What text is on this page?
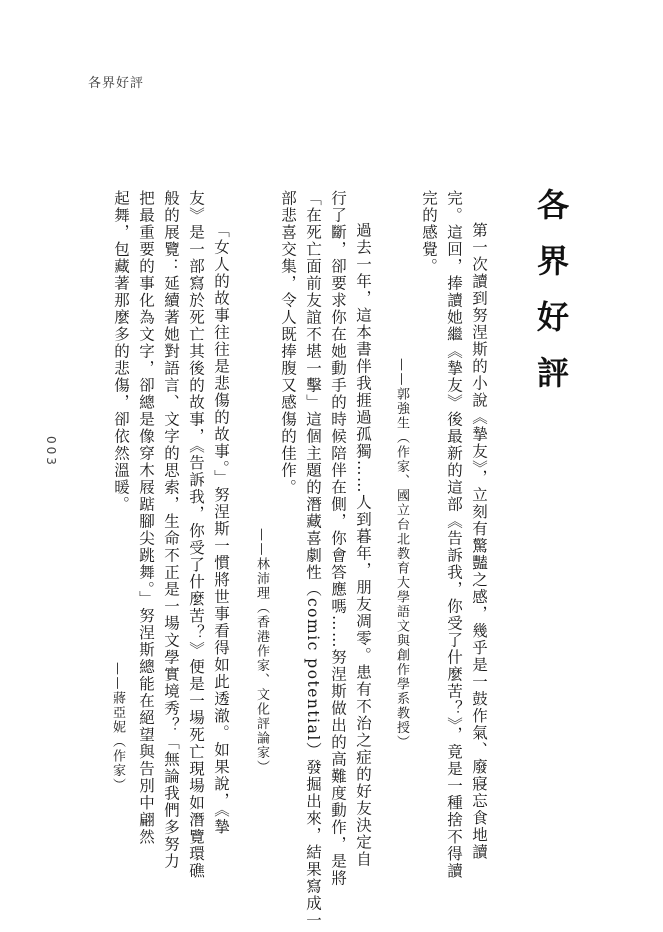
各界好評
003
各界好評
第一次讀到努涅斯的小說《摯友》，立刻有驚豔之感，幾乎是一鼓作氣、廢寢忘食地讀
完。這回，捧讀她繼《摯友》後最新的這部《告訴我，你受了什麼苦？》，竟是一種捨不得讀
完的感覺。
——郭強生（作家、國立台北教育大學語文與創作學系教授）
過去一年，這本書伴我捱過孤獨……人到暮年，朋友凋零。患有不治之症的好友決定自
行了斷，卻要求你在她動手的時候陪伴在側，你會答應嗎……努涅斯做出的高難度動作，是將
「在死亡面前友誼不堪一擊」這個主題的潛藏喜劇性（comic potential）發掘出來，結果寫成一
部悲喜交集，令人既捧腹又感傷的佳作。
——林沛理（香港作家、文化評論家）
「女人的故事往往是悲傷的故事。」努涅斯一慣將世事看得如此透澈。如果說，《摯
友》是一部寫於死亡其後的故事，《告訴我，你受了什麼苦？》便是一場死亡現場如潛覽環礁
般的展覽：延續著她對語言、文字的思索，生命不正是一場文學實境秀？「無論我們多努力
把最重要的事化為文字，卻總是像穿木屐踮腳尖跳舞。」努涅斯總能在絕望與告別中翩然
起舞，包藏著那麼多的悲傷，卻依然溫暖。
——蔣亞妮（作家）
